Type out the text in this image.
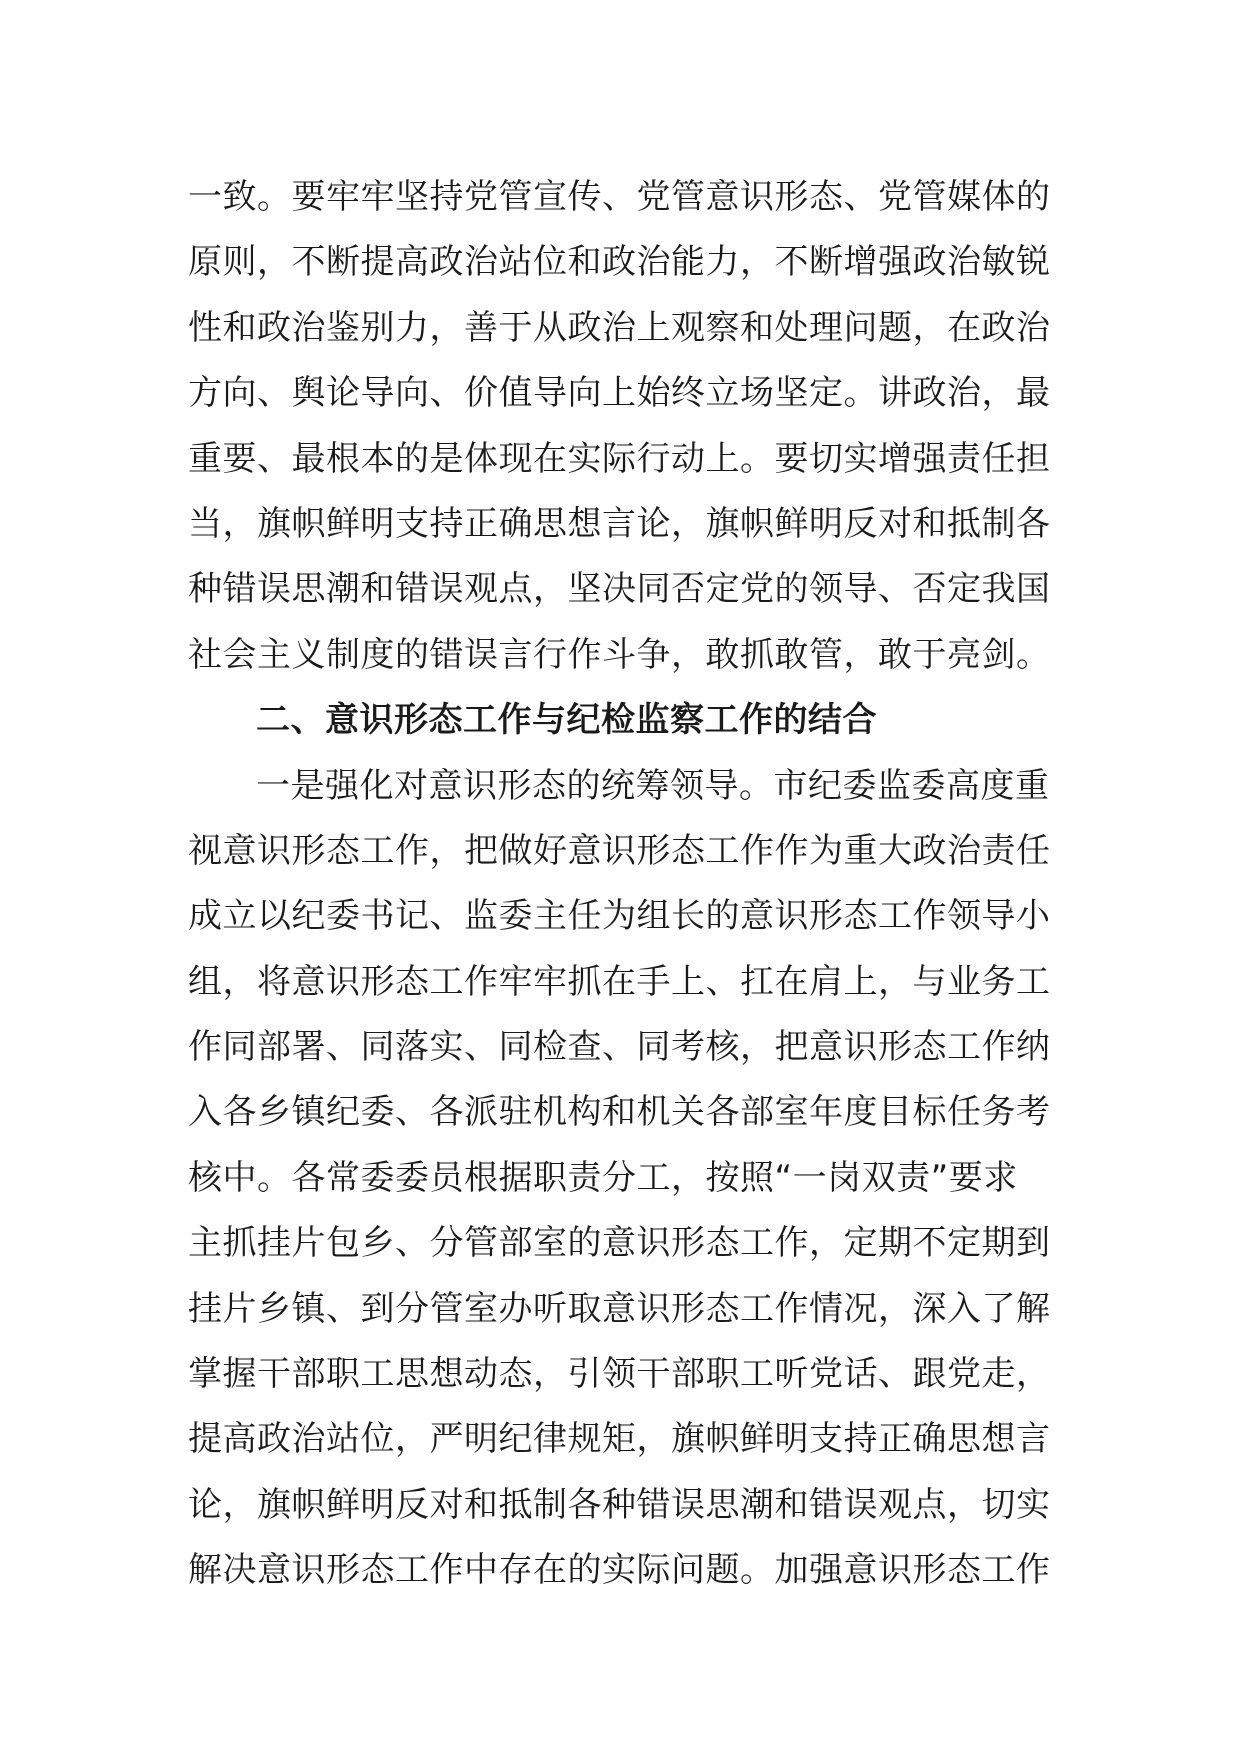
一致。要牢牢坚持党管宣传、党管意识形态、党管媒体的
原则，不断提高政治站位和政治能力，不断增强政治敏锐
性和政治鉴别力，善于从政治上观察和处理问题，在政治
方向、舆论导向、价值导向上始终立场坚定。讲政治，最
重要、最根本的是体现在实际行动上。要切实增强责任担
当，旗帜鲜明支持正确思想言论，旗帜鲜明反对和抵制各
种错误思潮和错误观点，坚决同否定党的领导、否定我国
社会主义制度的错误言行作斗争，敢抓敢管，敢于亮剑。
二、意识形态工作与纪检监察工作的结合
一是强化对意识形态的统筹领导。市纪委监委高度重
视意识形态工作，把做好意识形态工作作为重大政治责任
成立以纪委书记、监委主任为组长的意识形态工作领导小
组，将意识形态工作牢牢抓在手上、扛在肩上，与业务工
作同部署、同落实、同检查、同考核，把意识形态工作纳
入各乡镇纪委、各派驻机构和机关各部室年度目标任务考
核中。各常委委员根据职责分工，按照“一岗双责”要求
主抓挂片包乡、分管部室的意识形态工作，定期不定期到
挂片乡镇、到分管室办听取意识形态工作情况，深入了解
掌握干部职工思想动态，引领干部职工听党话、跟党走，
提高政治站位，严明纪律规矩，旗帜鲜明支持正确思想言
论，旗帜鲜明反对和抵制各种错误思潮和错误观点，切实
解决意识形态工作中存在的实际问题。加强意识形态工作
